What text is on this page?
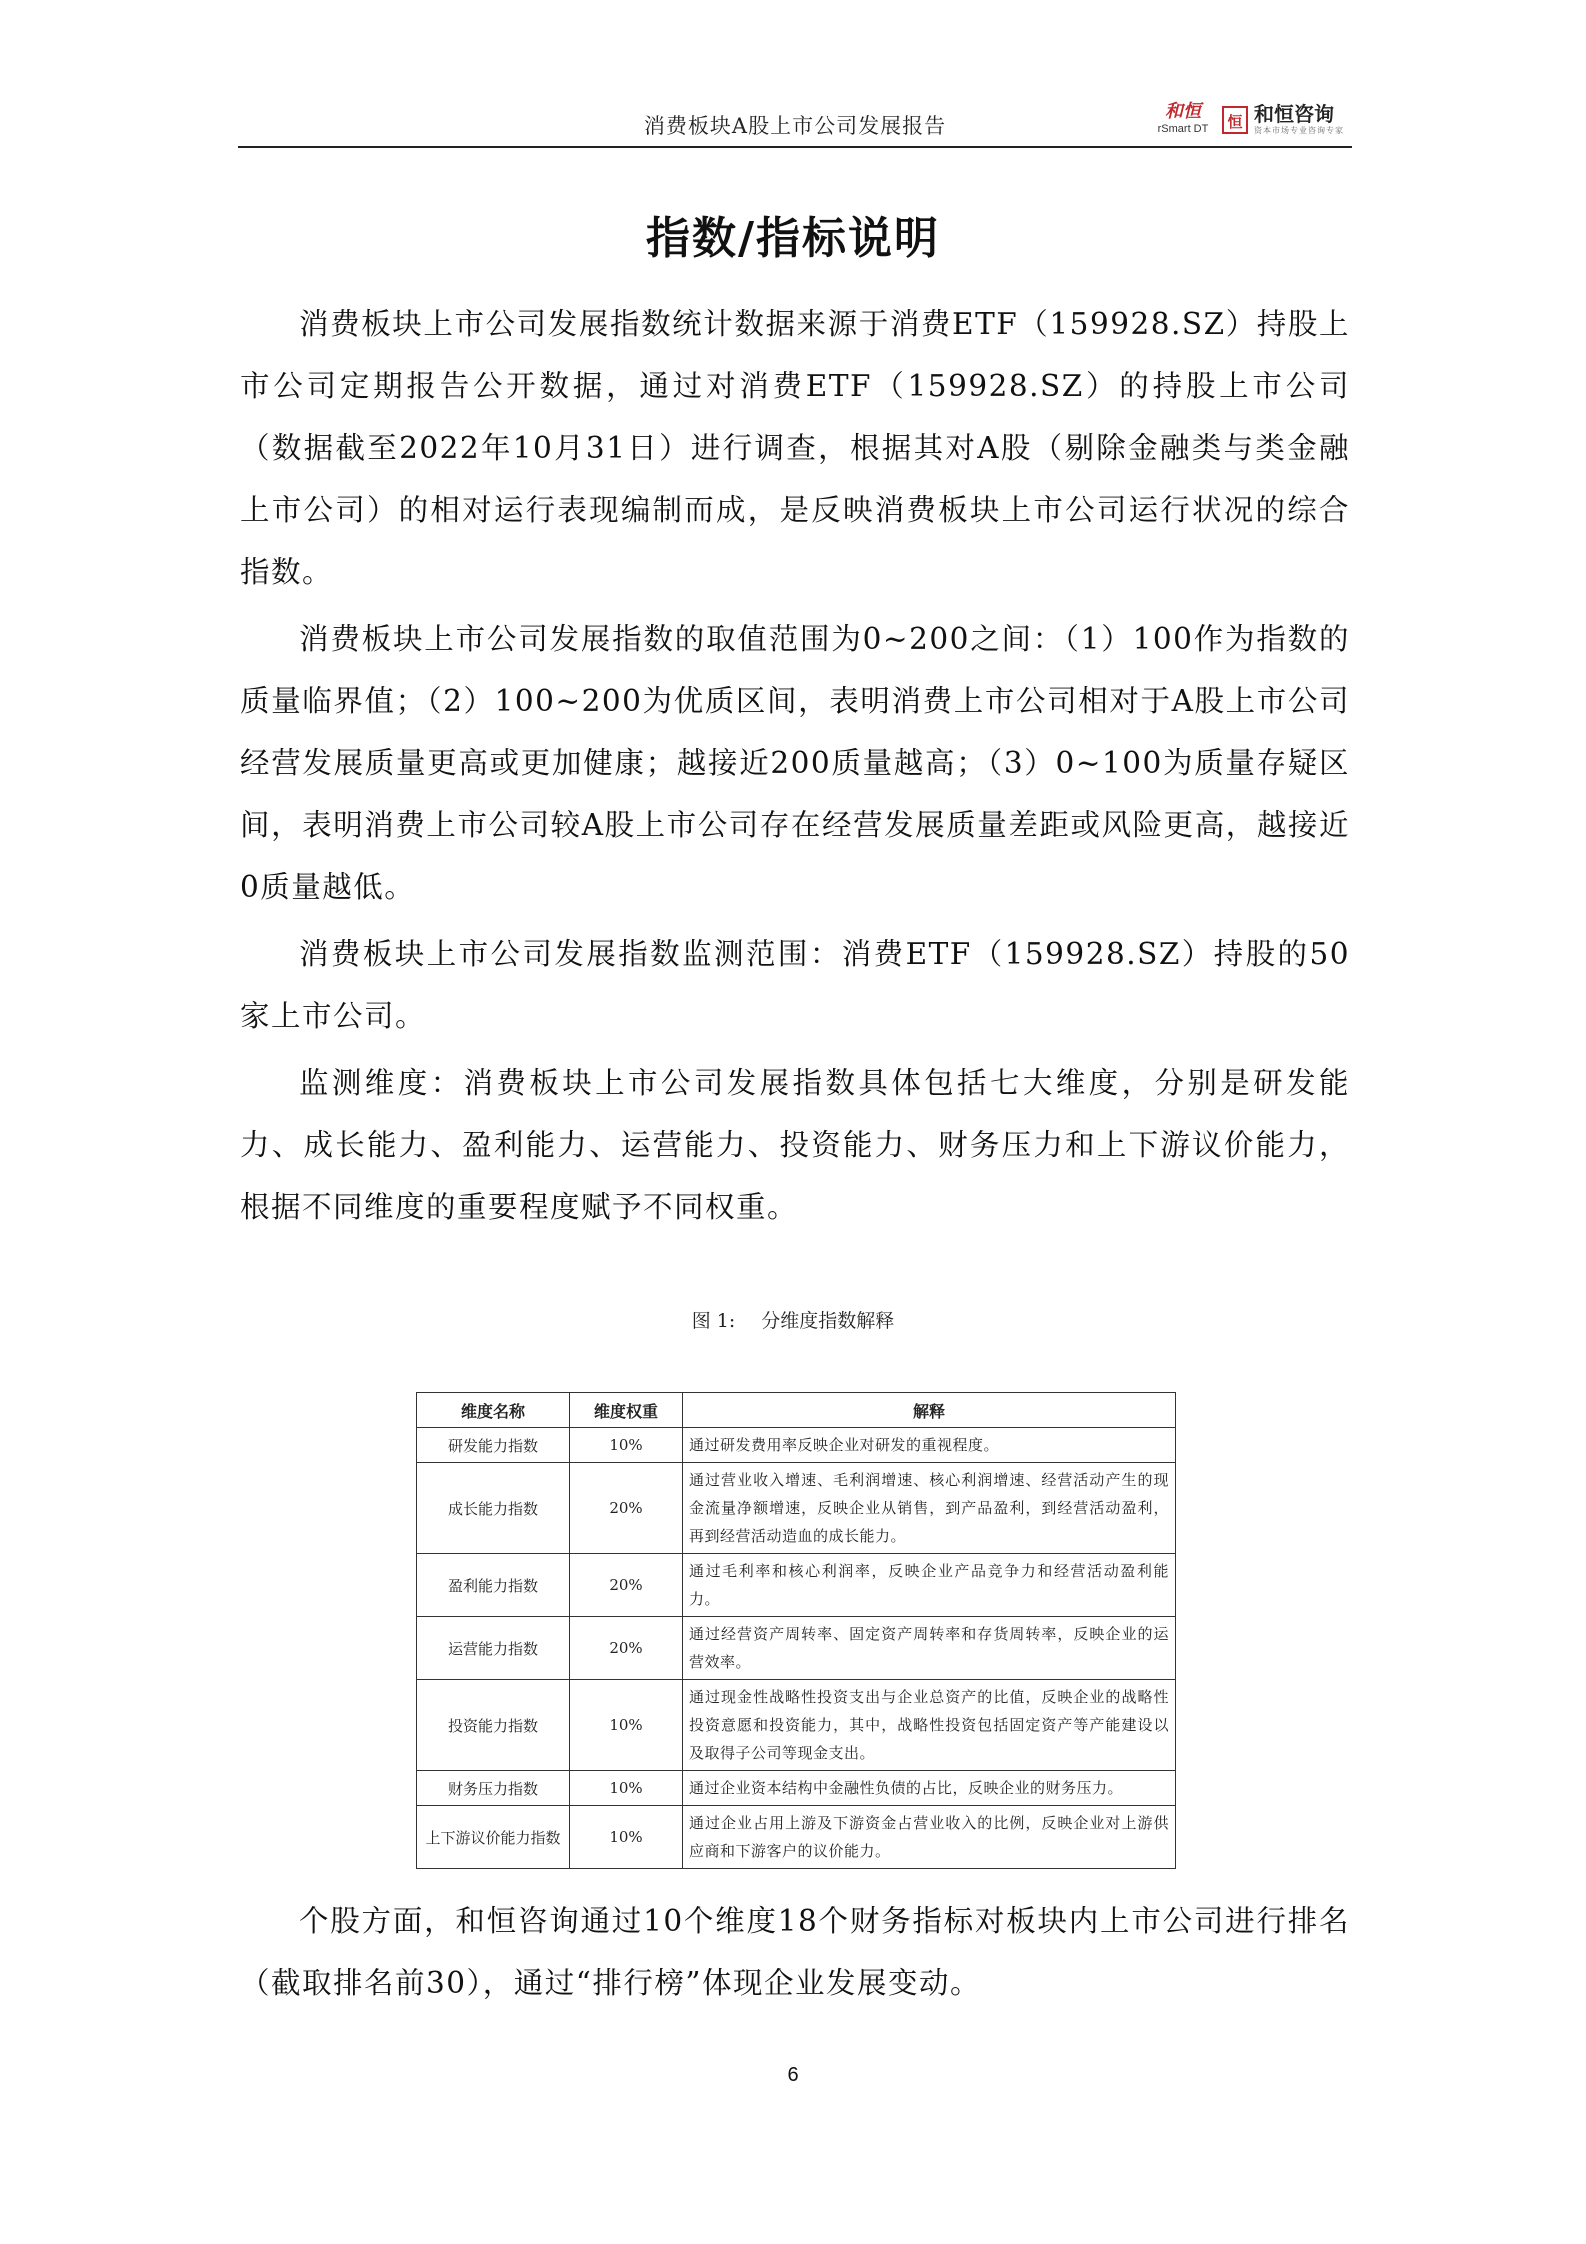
消费板块A股上市公司发展报告
和恒
rSmart DT	恒 和恒咨询
资本市场专业咨询专家
指数/指标说明

消费板块上市公司发展指数统计数据来源于消费ETF（159928.SZ）持股上市公司定期报告公开数据，通过对消费ETF（159928.SZ）的持股上市公司（数据截至2022年10月31日）进行调查，根据其对A股（剔除金融类与类金融上市公司）的相对运行表现编制而成，是反映消费板块上市公司运行状况的综合指数。

消费板块上市公司发展指数的取值范围为0~200之间：（1）100作为指数的质量临界值；（2）100~200为优质区间，表明消费上市公司相对于A股上市公司经营发展质量更高或更加健康；越接近200质量越高；（3）0~100为质量存疑区间，表明消费上市公司较A股上市公司存在经营发展质量差距或风险更高，越接近0质量越低。

消费板块上市公司发展指数监测范围：消费ETF（159928.SZ）持股的50家上市公司。

监测维度：消费板块上市公司发展指数具体包括七大维度，分别是研发能力、成长能力、盈利能力、运营能力、投资能力、财务压力和上下游议价能力，根据不同维度的重要程度赋予不同权重。

图 1: 分维度指数解释
维度名称	维度权重	解释
研发能力指数	10%	通过研发费用率反映企业对研发的重视程度。
成长能力指数	20%	通过营业收入增速、毛利润增速、核心利润增速、经营活动产生的现金流量净额增速，反映企业从销售，到产品盈利，到经营活动盈利，再到经营活动造血的成长能力。
盈利能力指数	20%	通过毛利率和核心利润率，反映企业产品竞争力和经营活动盈利能力。
运营能力指数	20%	通过经营资产周转率、固定资产周转率和存货周转率，反映企业的运营效率。
投资能力指数	10%	通过现金性战略性投资支出与企业总资产的比值，反映企业的战略性投资意愿和投资能力，其中，战略性投资包括固定资产等产能建设以及取得子公司等现金支出。
财务压力指数	10%	通过企业资本结构中金融性负债的占比，反映企业的财务压力。
上下游议价能力指数	10%	通过企业占用上游及下游资金占营业收入的比例，反映企业对上游供应商和下游客户的议价能力。

个股方面，和恒咨询通过10个维度18个财务指标对板块内上市公司进行排名（截取排名前30），通过“排行榜”体现企业发展变动。

6
